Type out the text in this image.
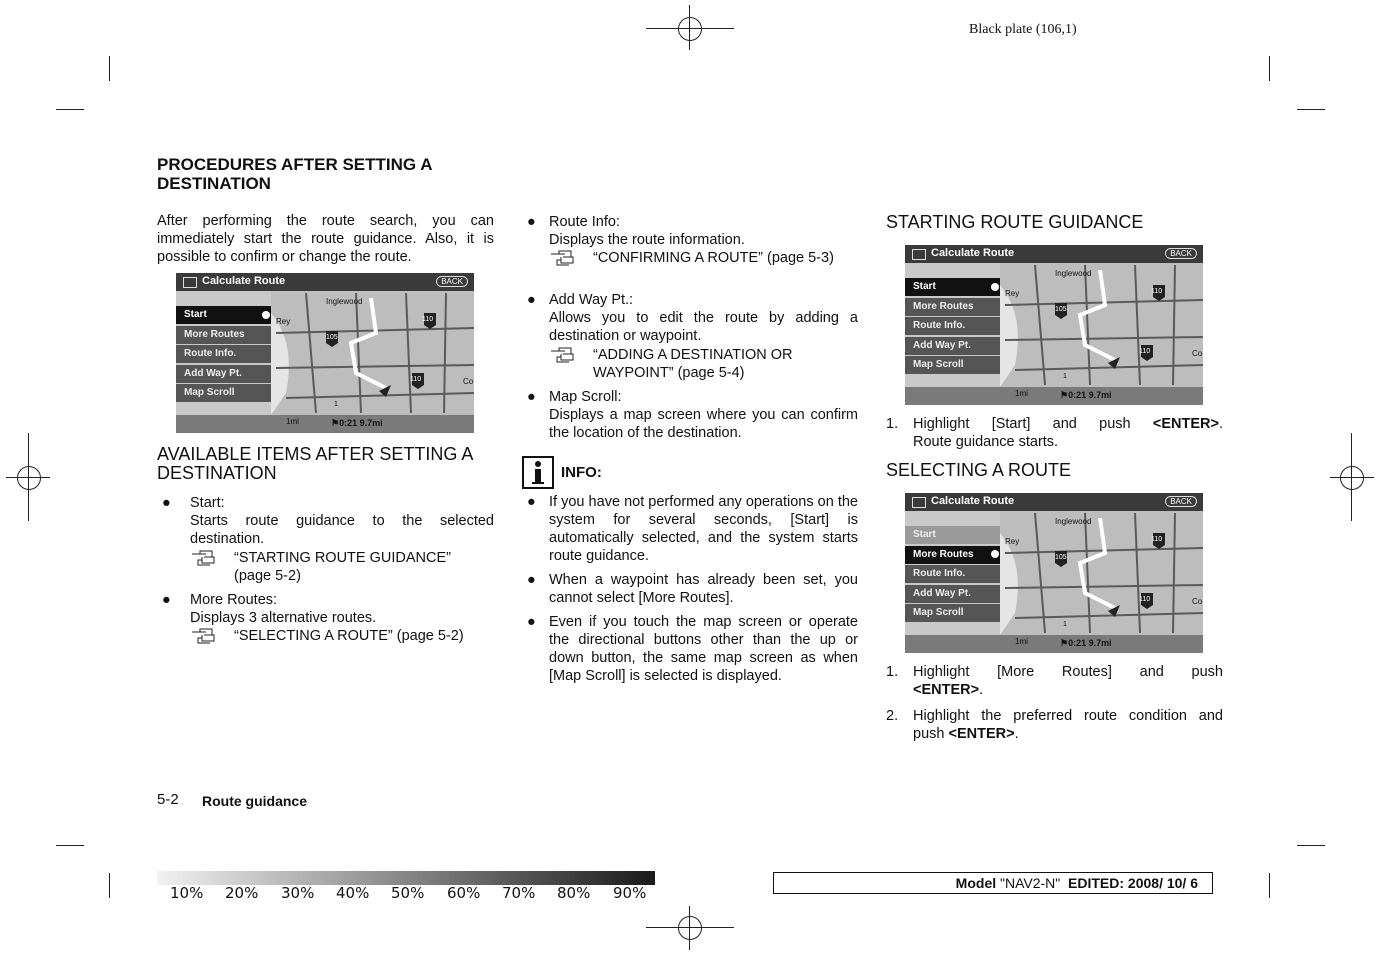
Black plate (106,1)
PROCEDURES AFTER SETTING A DESTINATION
After performing the route search, you can immediately start the route guidance. Also, it is possible to confirm or change the route.
Calculate Route	BACK
Inglewood
Rey
Co
110
105
110
1
Start
More Routes
Route Info.
Add Way Pt.
Map Scroll
1mi	⚑0:21 9.7mi
AVAILABLE ITEMS AFTER SETTING A DESTINATION
● Start:
Starts route guidance to the selected destination.
“STARTING ROUTE GUIDANCE” (page 5-2)
● More Routes:
Displays 3 alternative routes.
“SELECTING A ROUTE” (page 5-2)
● Route Info:
Displays the route information.
“CONFIRMING A ROUTE” (page 5-3)
● Add Way Pt.:
Allows you to edit the route by adding a destination or waypoint.
“ADDING A DESTINATION OR WAYPOINT” (page 5-4)
● Map Scroll:
Displays a map screen where you can confirm the location of the destination.
INFO:
● If you have not performed any operations on the system for several seconds, [Start] is automatically selected, and the system starts route guidance.
● When a waypoint has already been set, you cannot select [More Routes].
● Even if you touch the map screen or operate the directional buttons other than the up or down button, the same map screen as when [Map Scroll] is selected is displayed.
STARTING ROUTE GUIDANCE
Calculate Route	BACK
Inglewood
Rey
Co
110
105
110
1
Start
More Routes
Route Info.
Add Way Pt.
Map Scroll
1mi	⚑0:21 9.7mi
1. Highlight [Start] and push <ENTER>.
Route guidance starts.
SELECTING A ROUTE
Calculate Route	BACK
Inglewood
Rey
Co
110
105
110
1
Start
More Routes
Route Info.
Add Way Pt.
Map Scroll
1mi	⚑0:21 9.7mi
1. Highlight [More Routes] and push
<ENTER>.
2. Highlight the preferred route condition and
push <ENTER>.
5-2 Route guidance
10% 20% 30% 40% 50% 60% 70% 80% 90%
Model "NAV2-N" EDITED: 2008/ 10/ 6
